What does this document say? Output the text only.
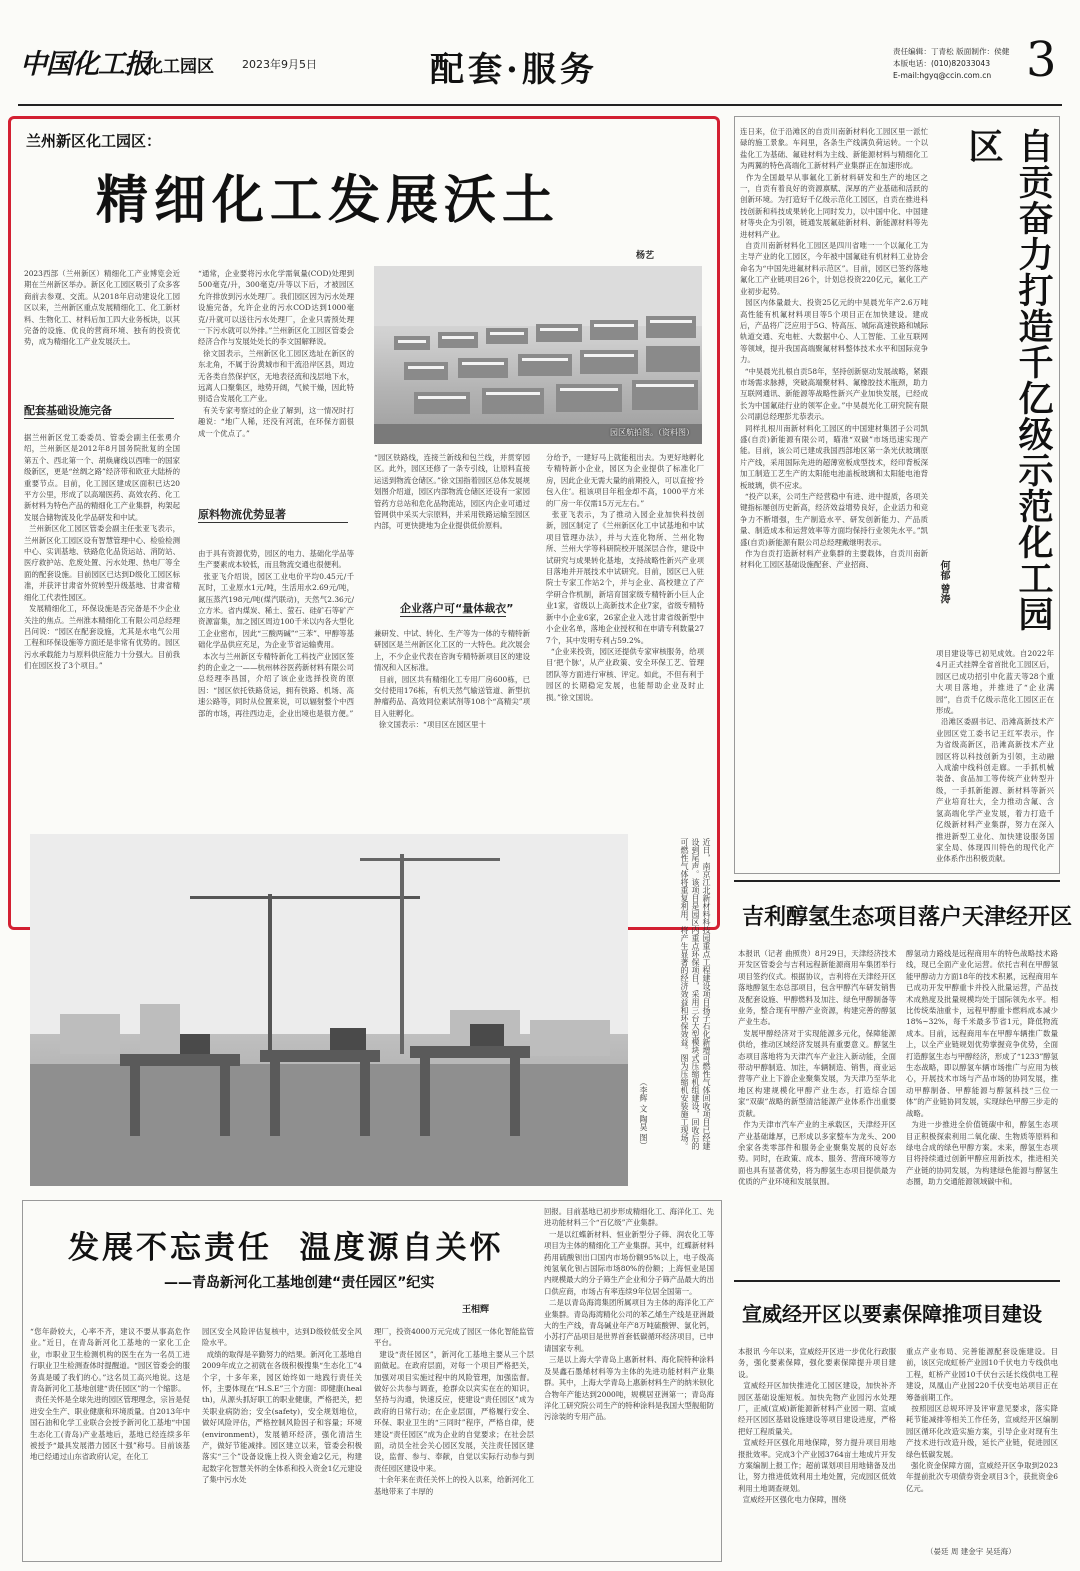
中国化工报
化工园区	2023年9月5日	配套·服务	责任编辑：丁青松 版面制作：侯健
本版电话：(010)82033043
E-mail:hgyq@ccin.com.cn 3
兰州新区化工园区：
精细化工发展沃土
杨艺
园区航拍图。（资料图）
2023西部（兰州新区）精细化工产业博览会近期在兰州新区举办。新区化工园区吸引了众多客商前去参观、交流。从2018年启动建设化工园区以来，兰州新区重点发展精细化工、化工新材料、生物化工、材料后加工四大业务板块，以其完备的设施、优良的营商环境、独有的投资优势，成为精细化工产业发展沃土。
配套基础设施完备
据兰州新区党工委委员、管委会副主任张勇介绍，兰州新区是2012年8月国务院批复的全国第五个、西北第一个、胡焕庸线以西唯一的国家级新区，更是“丝绸之路”经济带和欧亚大陆桥的重要节点。目前，化工园区建成区面积已达20平方公里，形成了以高端医药、高效农药、化工新材料为特色产品的精细化工产业集群，构架起发展合储物流及化学品研发和中试。
兰州新区化工园区管委会副主任张亚飞表示，兰州新区化工园区设有智慧管理中心、检验检测中心、实训基地、铁路危化品货运站、消防站、医疗救护站、危废处置、污水处理、热电厂等全面的配套设施。目前园区已达到D级化工园区标准，并获评甘肃省外贸转型升级基地、甘肃省精细化工代表性园区。
发展精细化工，环保设施是否完备是不少企业关注的焦点。兰州淮本精细化工有限公司总经理吕问说：“园区在配套设施，尤其是水电气公用工程和环保设施等方面还是非常有优势的。园区污水承载能力与原料供应能力十分强大。目前我们在园区投了3个项目。”
“通常，企业要将污水化学需氧量(COD)处理到500毫克/升，300毫克/升等以下后，才被园区允许排放到污水处理厂。我们园区因为污水处理设施完备，允许企业的污水COD达到1000毫克/升就可以送往污水处理厂，企业只需预处理一下污水就可以外排。”兰州新区化工园区管委会经济合作与发展处处长的李文国解释说。
徐文国表示，兰州新区化工园区选址在新区的东北角，不属于汾黄城市和干流沿岸区县，周边无各类自然保护区，无地表径流和浅层地下水，远离人口聚集区，地势开阔，气候干燥，因此特别适合发展化工产业。
有关专家考察过的企业了解到，这一情况时打趣说：“地广人稀，还没有河流，在环保方面很成一个优点了。”
原料物流优势显著
由于具有资源优势，园区的电力、基础化学品等生产要素成本较低，而且物流交通也很便利。
张亚飞介绍说，园区工业电价平均0.45元/千瓦时，工业原水1元/吨，生活用水2.69元/吨，氮压蒸汽198元/吨(煤汽联动)，天然气2.36元/立方米。省内煤炭、稀土、萤石、硅矿石等矿产资源富集，加之园区周边100千米以内各大型化工企业密布，因此“三酸两碱”“三苯”、甲醇等基础化学品供应充足，为企业节省运输费用。
本次与兰州新区专精特新化工科技产业园区签约的企业之一——杭州林谷医药新材料有限公司总经理李昌国，介绍了该企业选择投资的原因：“园区依托铁路货运，拥有铁路、机场、高速公路等，同时从位置来说，可以辐射整个中西部的市场，再往西边走，企业出境也是很方便。”
“园区铁路线，连接兰新线和包兰线，并贯穿园区。此外，园区还修了一条专引线，让原料直接运送到物流仓储区。”徐文国指着园区总体发展规划图介绍道，园区内部物流仓储区还设有一家园管药方总站和危化品物流站，园区内企业可通过管网供中采买大宗原料，并采用铁路运输至园区内部，可更快捷地为企业提供低价原料。
企业落户可“量体裁衣”
兼研发、中试、转化、生产等为一体的专精特新研园区是兰州新区化工区的一大特色。此次展会上，不少企业代表在咨询专精特新项目区的建设情况和入区标准。
目前，园区共有精细化工专用厂房600栋，已交付使用176栋，有机天然气输送管道、新型抗肿瘤药品、高效同位素试剂等108个“高精尖”项目入驻孵化。
徐文国表示：“项目区在园区里十
分给予，一建好马上就能租出去。为更好地孵化专精特新小企业，园区为企业提供了标准化厂房，因此企业无需大量的前期投入，可以直接‘拎包入住’。租该项目年租金却不高，1000平方米的厂房一年仅需15万元左右。”
张亚飞表示，为了推动入园企业加快科技创新，园区制定了《兰州新区化工中试基地和中试项目管理办法》，并与大连化物所、兰州化物所、兰州大学等科研院校开展深层合作，建设中试研究与成果转化基地，支持战略性新兴产业项目落地并开展技术中试研究。目前，园区已入驻院士专家工作站2个，并与企业、高校建立了产学研合作机制，新培育国家级专精特新小巨人企业1家，省级以上高新技术企业7家，省级专精特新中小企业6家，26家企业入选甘肃省级新型中小企业名单，落地企业授权和在申请专利数量277个，其中发明专利占59.2%。
“企业来投资，园区还提供专家审核服务，给项目‘把个脉’，从产业政策、安全环保工艺、管理团队等方面进行审核、评定。如此，不但有利于园区的长期稳定发展，也能帮助企业及时止损。”徐文国说。
自贡奋力打造千亿级示范化工园区
何郁 曾涛
连日来，位于沿滩区的自贡川南新材料化工园区里一派忙碌的施工景象。车间里，各条生产线满负荷运转。一个以盐化工为基础、氟硅材料为主线、新能源材料与精细化工为两翼的特色高端化工新材料产业集群正在加速形成。
作为全国最早从事氟化工新材料研发和生产的地区之一，自贡有着良好的资源禀赋、深厚的产业基础和活跃的创新环境。为打造好千亿级示范化工园区，自贡在推进科技创新和科技成果转化上同时发力，以中国中化、中国建材等央企为引领，链通发展氟硅新材料、新能源材料等先进材料产业。
自贡川南新材料化工园区是四川省唯一一个以氟化工为主导产业的化工园区，今年被中国氟硅有机材料工业协会命名为“中国先进氟材料示范区”。目前，园区已签约落地氟化工产业链项目26个，计划总投资220亿元，氟化工产业初步起势。
园区内体量最大、投资25亿元的中昊晨光年产2.6万吨高性能有机氟材料项目等5个项目正在加快建设。建成后，产品将广泛应用于5G、特高压、城际高速铁路和城际轨道交通、充电桩、大数据中心、人工智能、工业互联网等领域，提升我国高端聚氟材料整体技术水平和国际竞争力。
“中昊晨光扎根自贡58年，坚持创新驱动发展战略，紧跟市场需求脉搏，突破高端聚材料、氟橡胶技术瓶颈，助力互联网通讯、新能源等战略性新兴产业加快发展，已经成长为中国氟硅行业的领军企业。”中昊晨光化工研究院有限公司副总经理彭尤恭表示。
同样扎根川南新材料化工园区的中国建材集团子公司凯盛(自贡)新能源有限公司，瞄准“双碳”市场迅速实现产能。目前，该公司已建成我国西部地区第一条光伏玻璃原片产线，采用国际先进的超薄宽板成型技术，经印背板深加工制造工艺生产的太阳能电池盖板玻璃和太阳能电池背板玻璃，供不应求。
“投产以来，公司生产经营稳中有进、进中提质，各项关键指标屡创历史新高，经济效益增势良好，企业活力和竞争力不断增强，生产制造水平、研发创新能力、产品质量、制造成本和运营效率等方面均保持行业领先水平。”凯盛(自贡)新能源有限公司总经理戴继明表示。
作为自贡打造新材料产业集群的主要载体，自贡川南新材料化工园区基础设施配套、产业招商、
项目建设等已初见成效。自2022年4月正式挂牌全省首批化工园区后，园区已成功招引中化蓝天等28个重大项目落地，并推进了“企业满园”，自贡千亿级示范化工园区正在形成。
沿滩区委副书记、沿滩高新技术产业园区党工委书记王红军表示，作为省级高新区，沿滩高新技术产业园区将以科技创新为引领，主动融入成渝中线科创走廊。一手抓机械装备、食品加工等传统产业转型升级，一手抓新能源、新材料等新兴产业培育壮大，全力推动含氟、含氢高端化学产业发展，着力打造千亿级新材料产业集群，努力在深入推进新型工业化、加快建设服务国家全局、体现四川特色的现代化产业体系作出积极贡献。
近日，南京江北新材料科技园重点工程建设项目扬子石化新增可燃性气体回收项目已经建设到尾声。该项目是园区内重点环保项目，采用三台大型模块式压缩机组建设，回收后的可燃性气体将重复利用，将产生显著的经济效益和环保效益。图为压缩机安装施工现场。
（李辉 文 陶昊 图）
吉利醇氢生态项目落户天津经开区
本报讯（记者 曲照贵）8月29日，天津经济技术开发区管委会与吉利远程新能源商用车集团举行项目签约仪式。根据协议，吉利将在天津经开区落地醇氢生态总部项目，包含甲醇汽车研发销售及配套设施、甲醇燃料及加注、绿色甲醇制备等业务，整合现有甲醇产业资源，构建完善的醇氢产业生态。
发展甲醇经济对于实现能源多元化，保障能源供给，推动区域经济发展具有重要意义。醇氢生态项目落地将为天津汽车产业注入新动能，全面带动甲醇制造、加注，车辆制造、销售，商业运营等产业上下游企业聚集发展，为天津乃至华北地区构建规模化甲醇产业生态，打造综合国家“双碳”战略的新型清洁能源产业体系作出重要贡献。
作为天津市汽车产业的主承载区，天津经开区产业基础雄厚，已形成以多家整车为龙头、200余家各类零部件和服务企业聚集发展的良好态势。同时，在政策、成本、服务、营商环境等方面也具有显著优势，将为醇氢生态项目提供最为优质的产业环境和发展氛围。
醇氢动力路线是远程商用车的特色战略技术路线，现已全面产业化运营。依托吉利在甲醇氢能甲醇动力方面18年的技术积累，远程商用车已成功开发甲醇重卡并投入批量运营，产品技术成熟度及批量规模均处于国际领先水平。相比传统柴油重卡，远程甲醇重卡燃料成本减少18%~32%，每千米最多节省1元，降低物流成本。目前，远程商用车在甲醇车辆推广数量上，以全产业链规划优势掌握竞争优势，全面打造醇氢生态与甲醇经济，形成了“1233”醇氢生态战略，即以醇氢车辆市场推广与应用为核心，开展技术市场与产品市场的协同发展，推动甲醇制备、甲醇能源与醇氢科技“三位一体”的产业链协同发展，实现绿色甲醇三步走的战略。
为进一步推进全价值链碳中和，醇氢生态项目正积极探索利用二氧化碳、生物质等原料和绿电合成的绿色甲醇方案。未来，醇氢生态项目将持续通过创新甲醇应用新技术，推进相关产业链的协同发展，为构建绿色能源与醇氢生态圈，助力交通能源领域碳中和。
发展不忘责任  温度源自关怀
——青岛新河化工基地创建“责任园区”纪实
王相辉
“您年龄较大，心率不齐，建议不要从事高危作业。”近日，在青岛新河化工基地的一家化工企业，市职业卫生检测机构的医生在为一名员工进行职业卫生检测查体时提醒道。“园区管委会的服务真是暖了我们的心。”这名员工高兴地说。这是青岛新河化工基地创建“责任园区”的一个缩影。
责任关怀是全球先进的园区管理理念，宗旨是促进安全生产、职业健康和环境质量。自2013年中国石油和化学工业联合会授予新河化工基地“中国生态化工(青岛)产业基地后，基地已经连续多年被授予“最具发展潜力园区十强”称号。目前该基地已经通过山东省政府认定，在化工
园区安全风险评估复核中，达到D级较低安全风险水平。
成绩的取得是辛勤努力的结果。新河化工基地自2009年成立之初就在各级积极搜集“生态化工”4个字，十多年来，园区始终如一地践行责任关怀，主要体现在“H.S.E”三个方面：即健康(health)，从源头抓好职工的职业健康，严格把关，把关职业病防治；安全(safety)，安全规划地位，做好风险评估，严格控制风险因子和容量；环境(environment)，发展循环经济，强化清洁生产，做好节能减排。园区建立以来，管委会积极落实“三个”设备设施上投入资金逾2亿元，构建起数字化智慧关怀的全体系和投入资金1亿元建设了集中污水处
理厂，投资4000万元完成了园区一体化智能监管平台。
建设“责任园区”，新河化工基地主要从三个层面做起。在政府层面，对每一个项目严格把关，加强对项目实施过程中的风险管理，加强监督。做好公共参与调查，抢群众以宾实在在的知识。坚持与沟通，快速反应，使建设“责任园区”成为政府的日常行动；在企业层面，严格履行安全、环保、职业卫生的“三同时”程序，严格自律，使建设“责任园区”成为企业的自觉要求；在社会层面，动员全社会关心园区发展，关注责任园区建设，监督、参与、奉献，自觉以实际行动参与到责任园区建设中来。
十余年来在责任关怀上的投入以来，给新河化工基地带来了丰厚的
回报。目前基地已初步形成精细化工、海洋化工、先进功能材料三个“百亿级”产业集群。
一是以红蝶新材料、恒业新型分子筛、润农化工等项目为主体的精细化工产业集群。其中，红蝶新材料药用硫酸钡出口国内市场份额95%以上，电子级高纯氢氧化钡占国际市场80%的份额；上海恒业是国内规模最大的分子筛生产企业和分子筛产品最大的出口供应商，市场占有率连续9年位居全国第一。
二是以青岛海湾集团所属项目为主体的海洋化工产业集群。青岛海湾精化公司的苯乙烯生产线是亚洲最大的生产线，青岛碱业年产8万吨硫酸钾、氯化钙，小苏打产品项目是世界首套低碳循环经济项目，已申请国家专利。
三是以上海大学青岛上惠新材料、海化院特种涂料及昊鑫石墨烯材料等为主体的先进功能材料产业集群。其中，上海大学青岛上惠新材料生产的纳米钡化合物年产能达到2000吨，规模居亚洲第一；青岛海洋化工研究院公司生产的特种涂料是我国大型舰船防污涂装的专用产品。
宣威经开区以要素保障推项目建设
本报讯 今年以来，宣威经开区进一步优化行政服务，强化要素保障，强化要素保障提升项目建设。
宣威经开区加快推进化工园区建设，加快补齐园区基础设施短板。加快先物产业园污水处理厂，正威(宣威)新能源新材料产业园一期、宣威经开区园区基础设施建设等项目建设进度，严格把好工程质量关。
宣威经开区强化用地保障，努力提升项目用地报批效率。完成3个产业园3764亩土地成片开发方案编制上报工作；超前谋划项目用地储备及出让，努力推进低效利用土地处置，完成园区低效利用土地调查规划。
宣威经开区强化电力保障，围绕
重点产业布局、完善能源配套设施建设。目前，该区完成虹桥产业园10千伏电力专线供电工程，虹桥产业园10千伏台云延长线供电工程建设，凤凰山产业园220千伏变电站项目正在筹备前期工作。
按照园区总规环评及评审意见要求，落实降耗节能减排等相关工作任务，宣威经开区编制园区循环化改造实施方案，引导企业对现有生产技术进行改造升级，延长产业链，促进园区绿色低碳发展。
强化资金保障方面，宣威经开区争取到2023年提前批次专项债券资金项目3个，获批资金6亿元。
（晏廷 周 建金宇 吴廷海）
